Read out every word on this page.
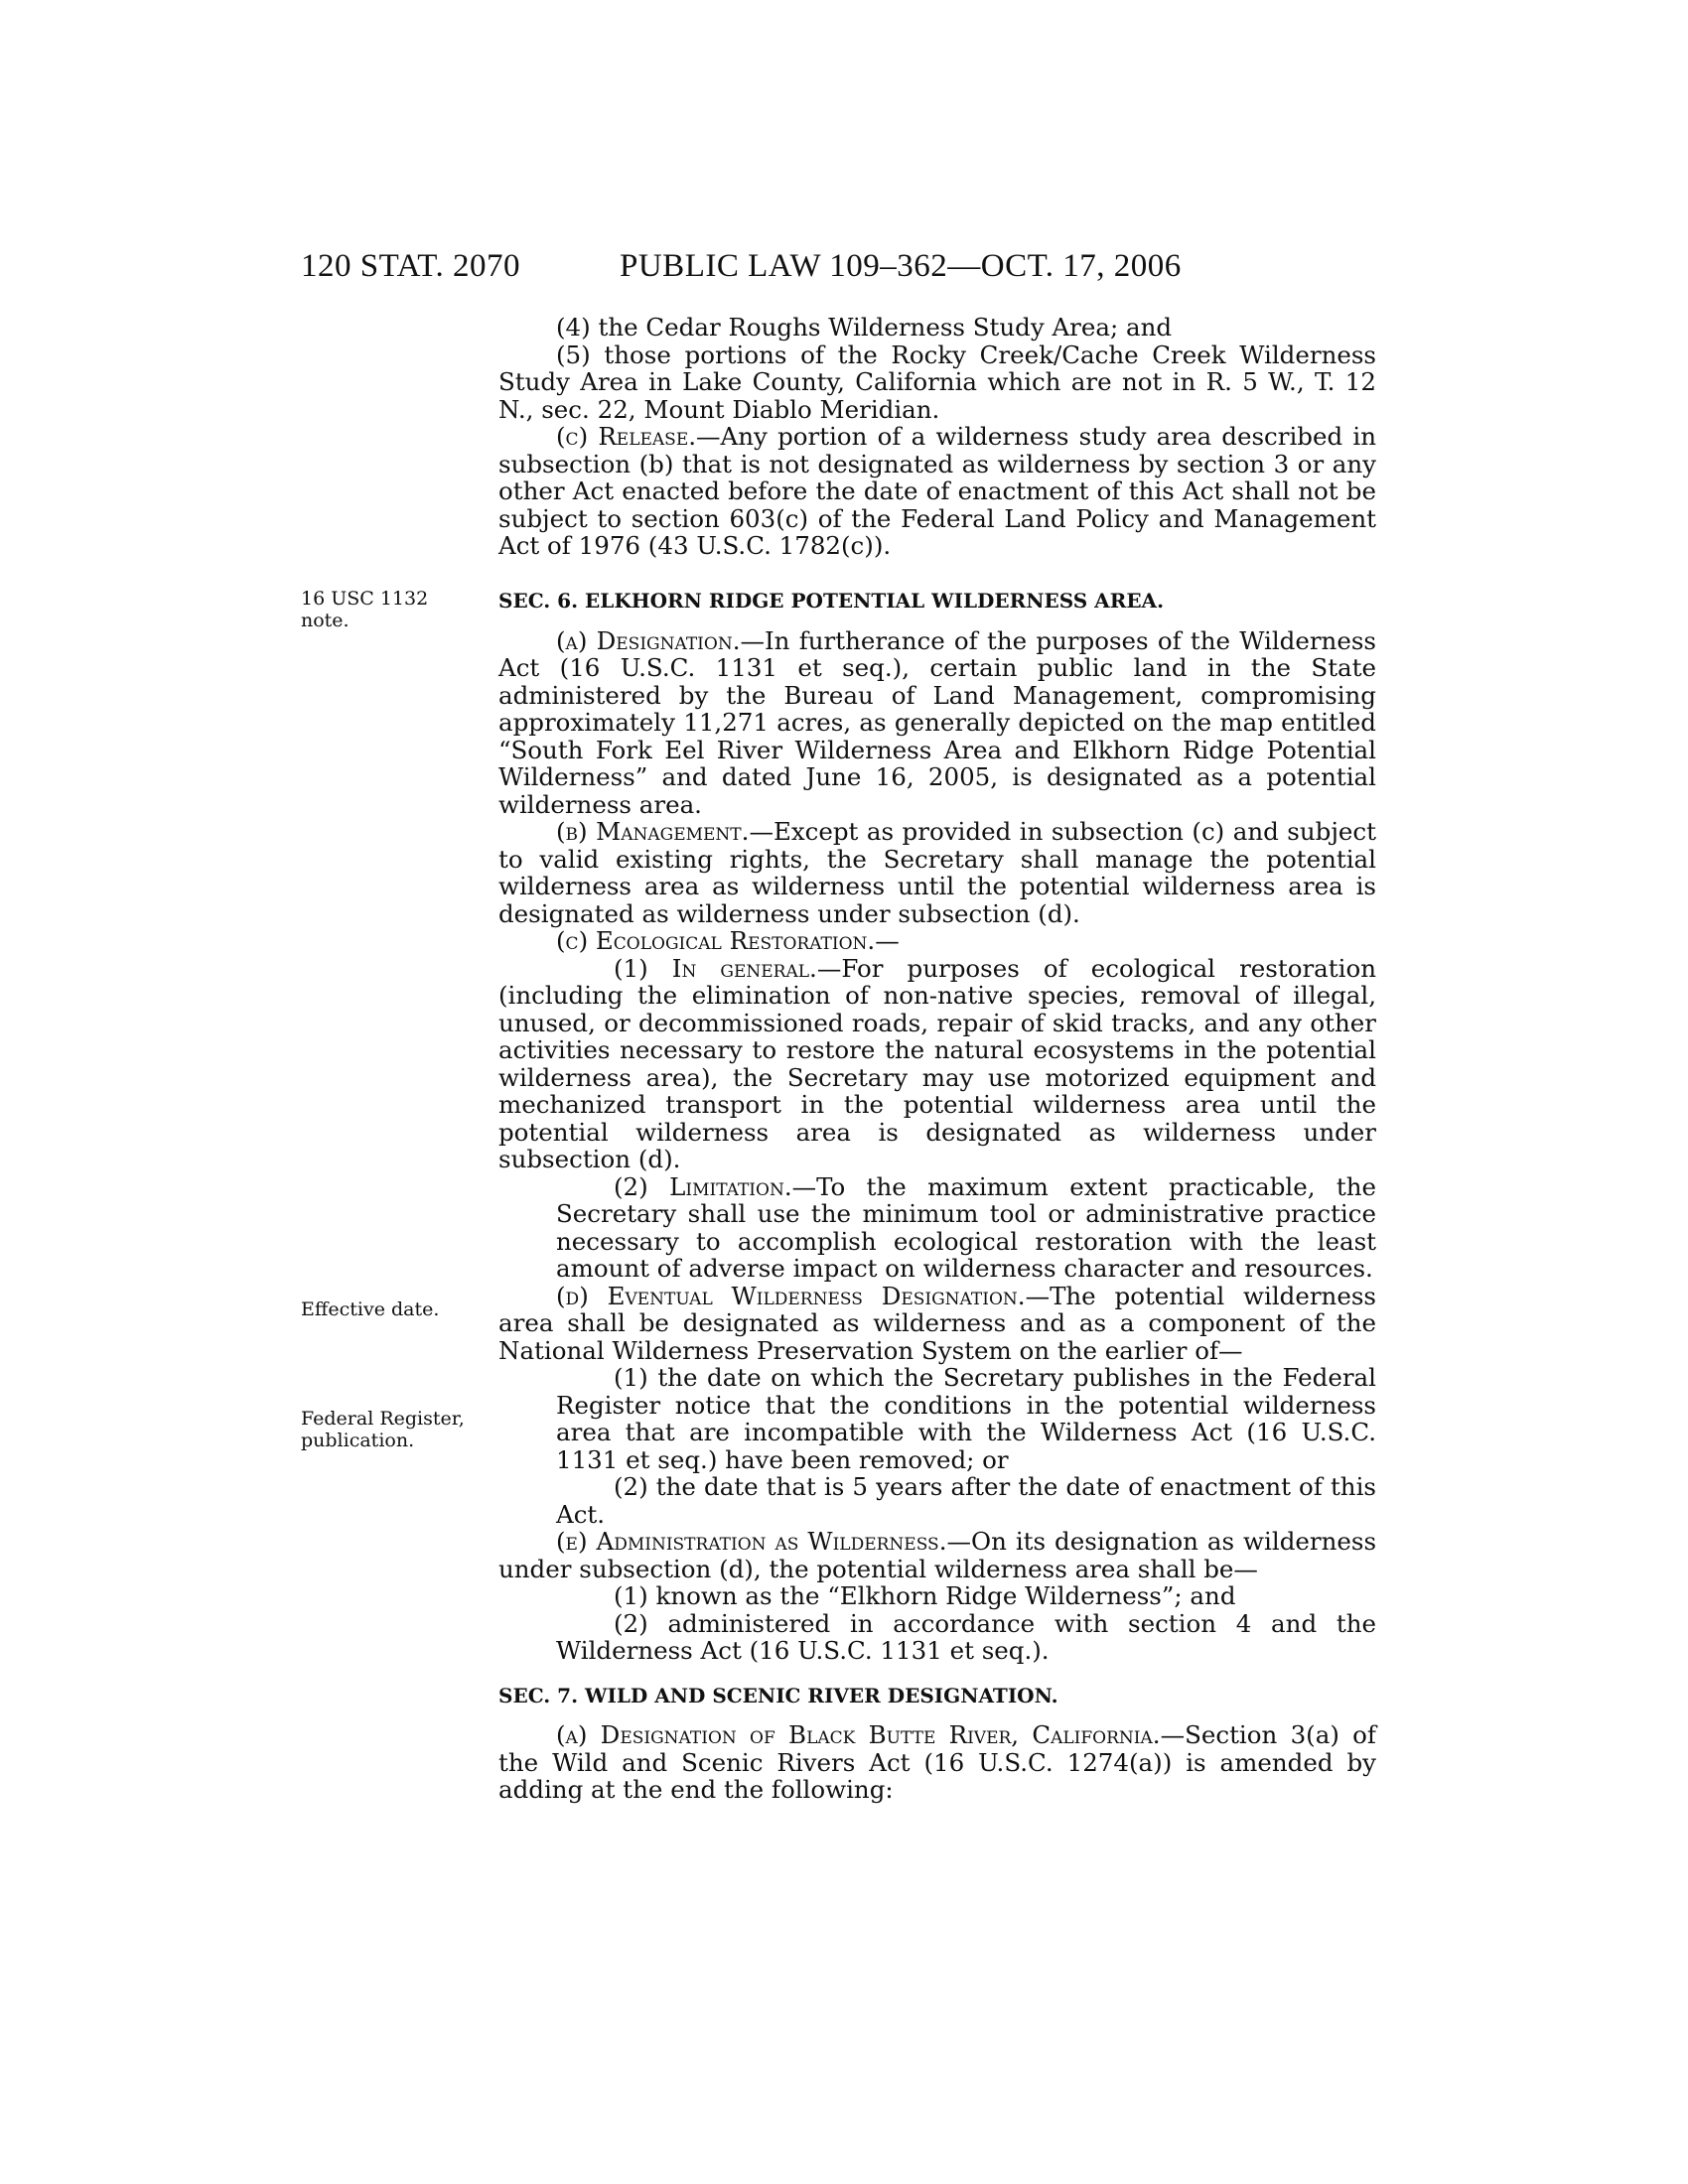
120 STAT. 2070	PUBLIC LAW 109–362—OCT. 17, 2006
16 USC 1132 note.
Effective date.
Federal Register, publication.

(4) the Cedar Roughs Wilderness Study Area; and

(5) those portions of the Rocky Creek/Cache Creek Wilderness Study Area in Lake County, California which are not in R. 5 W., T. 12 N., sec. 22, Mount Diablo Meridian.

(c) Release.—Any portion of a wilderness study area described in subsection (b) that is not designated as wilderness by section 3 or any other Act enacted before the date of enactment of this Act shall not be subject to section 603(c) of the Federal Land Policy and Management Act of 1976 (43 U.S.C. 1782(c)).

SEC. 6. ELKHORN RIDGE POTENTIAL WILDERNESS AREA.

(a) Designation.—In furtherance of the purposes of the Wilderness Act (16 U.S.C. 1131 et seq.), certain public land in the State administered by the Bureau of Land Management, compromising approximately 11,271 acres, as generally depicted on the map entitled “South Fork Eel River Wilderness Area and Elkhorn Ridge Potential Wilderness” and dated June 16, 2005, is designated as a potential wilderness area.

(b) Management.—Except as provided in subsection (c) and subject to valid existing rights, the Secretary shall manage the potential wilderness area as wilderness until the potential wilderness area is designated as wilderness under subsection (d).

(c) Ecological Restoration.—

(1) In general.—For purposes of ecological restoration (including the elimination of non-native species, removal of illegal, unused, or decommissioned roads, repair of skid tracks, and any other activities necessary to restore the natural ecosystems in the potential wilderness area), the Secretary may use motorized equipment and mechanized transport in the potential wilderness area until the potential wilderness area is designated as wilderness under subsection (d).

(2) Limitation.—To the maximum extent practicable, the Secretary shall use the minimum tool or administrative practice necessary to accomplish ecological restoration with the least amount of adverse impact on wilderness character and resources.

(d) Eventual Wilderness Designation.—The potential wilderness area shall be designated as wilderness and as a component of the National Wilderness Preservation System on the earlier of—

(1) the date on which the Secretary publishes in the Federal Register notice that the conditions in the potential wilderness area that are incompatible with the Wilderness Act (16 U.S.C. 1131 et seq.) have been removed; or

(2) the date that is 5 years after the date of enactment of this Act.

(e) Administration as Wilderness.—On its designation as wilderness under subsection (d), the potential wilderness area shall be—

(1) known as the “Elkhorn Ridge Wilderness”; and

(2) administered in accordance with section 4 and the Wilderness Act (16 U.S.C. 1131 et seq.).

SEC. 7. WILD AND SCENIC RIVER DESIGNATION.

(a) Designation of Black Butte River, California.—Section 3(a) of the Wild and Scenic Rivers Act (16 U.S.C. 1274(a)) is amended by adding at the end the following:
